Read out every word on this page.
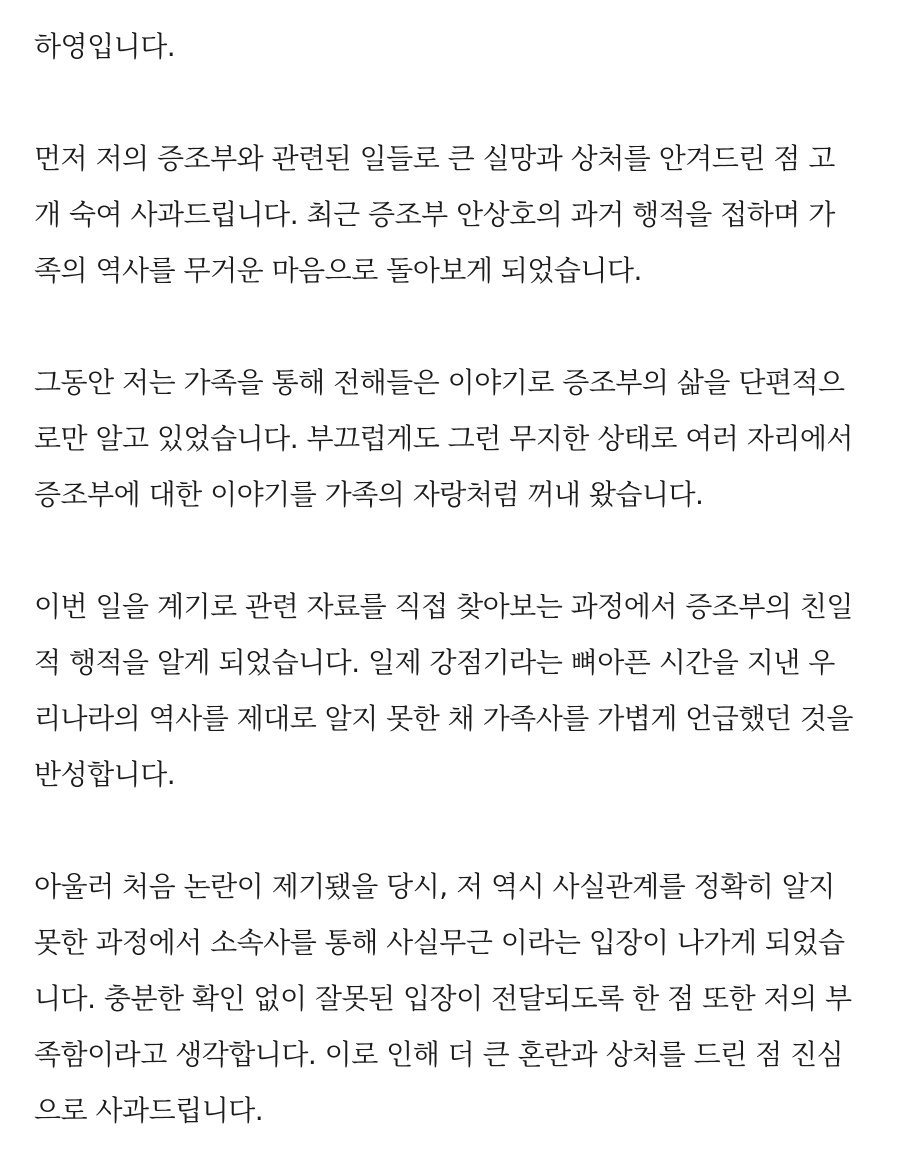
하영입니다.

먼저 저의 증조부와 관련된 일들로 큰 실망과 상처를 안겨드린 점 고
개 숙여 사과드립니다. 최근 증조부 안상호의 과거 행적을 접하며 가
족의 역사를 무거운 마음으로 돌아보게 되었습니다.

그동안 저는 가족을 통해 전해들은 이야기로 증조부의 삶을 단편적으
로만 알고 있었습니다. 부끄럽게도 그런 무지한 상태로 여러 자리에서
증조부에 대한 이야기를 가족의 자랑처럼 꺼내 왔습니다.

이번 일을 계기로 관련 자료를 직접 찾아보는 과정에서 증조부의 친일
적 행적을 알게 되었습니다. 일제 강점기라는 뼈아픈 시간을 지낸 우
리나라의 역사를 제대로 알지 못한 채 가족사를 가볍게 언급했던 것을
반성합니다.

아울러 처음 논란이 제기됐을 당시, 저 역시 사실관계를 정확히 알지
못한 과정에서 소속사를 통해 사실무근 이라는 입장이 나가게 되었습
니다. 충분한 확인 없이 잘못된 입장이 전달되도록 한 점 또한 저의 부
족함이라고 생각합니다. 이로 인해 더 큰 혼란과 상처를 드린 점 진심
으로 사과드립니다.
